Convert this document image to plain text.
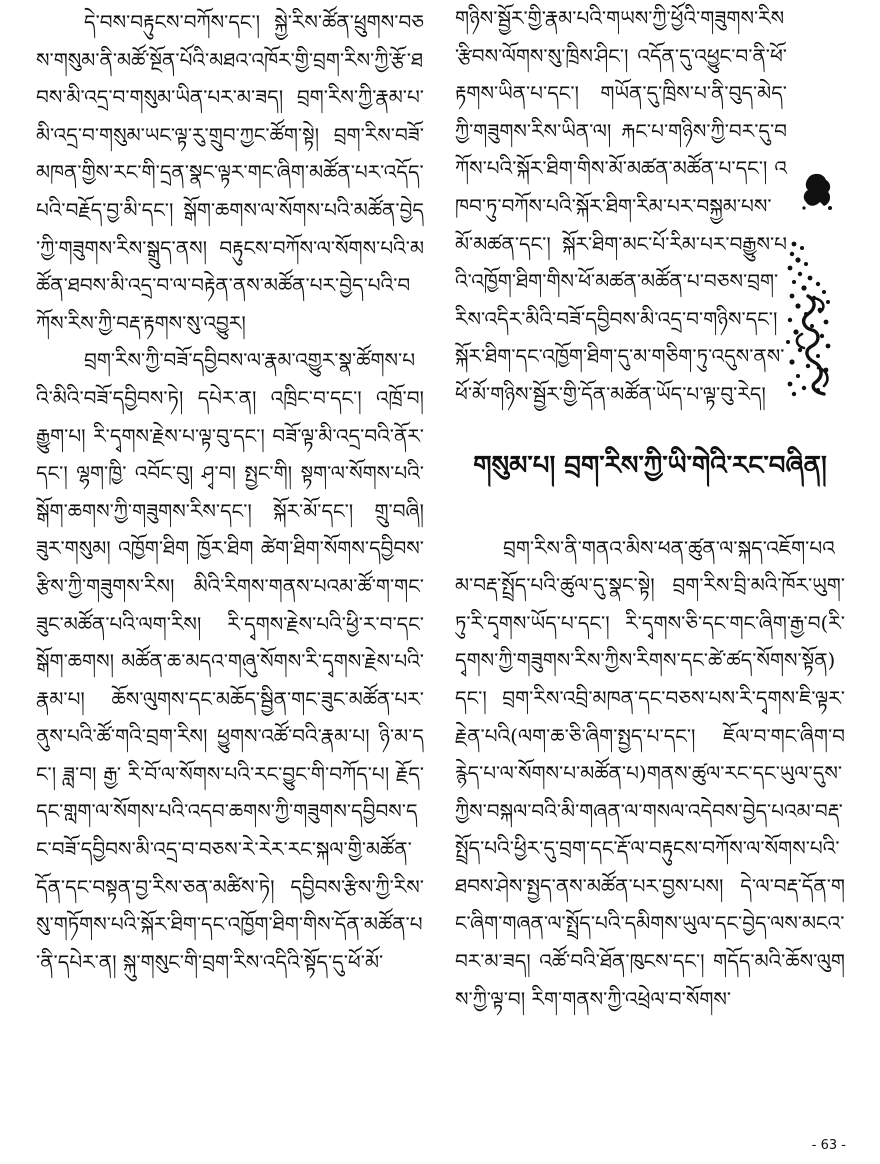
དེ་བས་བརྟུངས་བཀོས་དང་། སྐྱེ་རིས་ཚོན་ཕྲུགས་བཅས་གསུམ་ནི་མཚོ་སྔོན་པོའི་མཐའ་འཁོར་གྱི་བྲག་རིས་ཀྱི་རྩོ་ཐབས་མི་འདྲ་བ་གསུམ་ཡིན་པར་མ་ཟད། བྲག་རིས་ཀྱི་རྣམ་པ་མི་འདྲ་བ་གསུམ་ཡང་ལྟ་རུ་གྲུབ་ཀྱང་ཚོག་སྟེ། བྲག་རིས་བཟོ་མཁན་གྱིས་རང་གི་དྲན་སྣང་ལྟར་གང་ཞིག་མཚོན་པར་འདོད་པའི་བརྗོད་བྱ་མི་དང་། སྒོག་ཆགས་ལ་སོགས་པའི་མཚོན་བྱེད་ཀྱི་གཟུགས་རིས་སྒྲུད་ནས། བརྟུངས་བཀོས་ལ་སོགས་པའི་མཚོན་ཐབས་མི་འདྲ་བ་ལ་བརྟེན་ནས་མཚོན་པར་བྱེད་པའི་བཀོས་རིས་ཀྱི་བརྡ་རྟགས་སུ་འབྱུར།

བྲག་རིས་ཀྱི་བཟོ་དབྱིབས་ལ་རྣམ་འགྱུར་སྣ་ཚོགས་པའི་མིའི་བཟོ་དབྱིབས་ཏེ། དཔེར་ན། འཁྲིང་བ་དང་། འཁྲོ་བ། རྒྱུག་པ། རི་དྭགས་རྗེས་པ་ལྟ་བུ་དང་། བཟོ་ལྟ་མི་འདྲ་བའི་ནོར་དང་། ལྷག་ཁྱི་ འབོང་བུ། ཤྭ་བ། སྤྱང་གི། སྟག་ལ་སོགས་པའི་སྒོག་ཆགས་ཀྱི་གཟུགས་རིས་དང་། སྐོར་མོ་དང་། གྲུ་བཞི། ཟུར་གསུམ། འཁྱོག་ཐིག ཁྱོར་ཐིག ཚེག་ཐིག་སོགས་དབྱིབས་རྩིས་ཀྱི་གཟུགས་རིས། མིའི་རིགས་གནས་པའམ་ཚོ་ག་གང་ཟུང་མཚོན་པའི་ལག་རིས། རི་དྭགས་རྗེས་པའི་ཕྱི་ར་བ་དང་སྒོག་ཆགས། མཚོན་ཆ་མདའ་གཞུ་སོགས་རི་དྭགས་རྗེས་པའི་རྣམ་པ། ཆོས་ལུགས་དང་མཆོད་སྦྱིན་གང་ཟུང་མཚོན་པར་ནུས་པའི་ཚོ་གའི་བྲག་རིས། ཕྱུགས་འཚོ་བའི་རྣམ་པ། ཉི་མ་དང་། ཟླ་བ། རྒྱ་ རི་བོ་ལ་སོགས་པའི་རང་བྱུང་གི་བཀོད་པ། རྗོད་དང་གླག་ལ་སོགས་པའི་འདབ་ཆགས་ཀྱི་གཟུགས་དབྱིབས་དང་བཟོ་དབྱིབས་མི་འདྲ་བ་བཅས་རེ་རེར་རང་སྐལ་གྱི་མཚོན་དོན་དང་བསྟན་བྱ་རིས་ཅན་མཚིས་ཏེ། དབྱིབས་རྩིས་ཀྱི་རིས་སུ་གཏོགས་པའི་སྐོར་ཐིག་དང་འཁྱོག་ཐིག་གིས་དོན་མཚོན་པ་ནི་དཔེར་ན། སྐུ་གསུང་གི་བྲག་རིས་འདིའི་སྟོད་དུ་ཕོ་མོ་

གཉིས་སྦྱོར་གྱི་རྣམ་པའི་གཡས་ཀྱི་ཕྱོའི་གཟུགས་རིས་རྩིབས་ལོགས་སུ་ཁྲིས་ཤིང་། འདོན་དུ་འཕྱུང་བ་ནི་ཕོ་རྟགས་ཡིན་པ་དང་། གཡོན་དུ་ཁྲིས་པ་ནི་བུད་མེད་ཀྱི་གཟུགས་རིས་ཡིན་ལ། རྐང་པ་གཉིས་ཀྱི་བར་དུ་བཀོས་པའི་སྐོར་ཐིག་གིས་མོ་མཚན་མཚོན་པ་དང་། འཁབ་ཏུ་བཀོས་པའི་སྐོར་ཐིག་རིམ་པར་བསྐྱམ་པས་མོ་མཚན་དང་། སྐོར་ཐིག་མང་པོ་རིམ་པར་བརྒྱུས་པའི་འཁྱོག་ཐིག་གིས་ཕོ་མཚན་མཚོན་པ་བཅས་བྲག་རིས་འདིར་མིའི་བཟོ་དབྱིབས་མི་འདྲ་བ་གཉིས་དང་། སྐོར་ཐིག་དང་འཁྱོག་ཐིག་དུ་མ་གཅིག་ཏུ་འདུས་ནས་ཕོ་མོ་གཉིས་སྦྱོར་གྱི་དོན་མཚོན་ཡོད་པ་ལྟ་བུ་རེད།

གསུམ་པ། བྲག་རིས་ཀྱི་ཡི་གེའི་རང་བཞིན།

བྲག་རིས་ནི་གནའ་མིས་ཕན་ཚུན་ལ་སྐད་འཇོག་པའམ་བརྡ་སྤྲོད་པའི་ཚུལ་དུ་སྣང་སྟེ། བྲག་རིས་བྲི་མའི་ཁོར་ཡུག་ཏུ་རི་དྭགས་ཡོད་པ་དང་། རི་དྭགས་ཅི་དང་གང་ཞིག་རྒྱ་བ(རི་དྭགས་ཀྱི་གཟུགས་རིས་ཀྱིས་རིགས་དང་ཚེ་ཚད་སོགས་སྟོན)དང་། བྲག་རིས་འབྲི་མཁན་དང་བཅས་པས་རི་དྭགས་ཇི་ལྟར་རྗེན་པའི(ལག་ཆ་ཅི་ཞིག་སྤྱད་པ་དང་། ཇོལ་བ་གང་ཞིག་བརྙེད་པ་ལ་སོགས་པ་མཚོན་པ)གནས་ཚུལ་རང་དང་ཡུལ་དུས་ཀྱིས་བསྐལ་བའི་མི་གཞན་ལ་གསལ་འདེབས་བྱེད་པའམ་བརྡ་སྤྲོད་པའི་ཕྱིར་དུ་བྲག་དང་རྡོ་ལ་བརྟུངས་བཀོས་ལ་སོགས་པའི་ཐབས་ཤེས་སྤྱད་ནས་མཚོན་པར་བྱས་པས། དེ་ལ་བརྡ་དོན་གང་ཞིག་གཞན་ལ་སྤྲོད་པའི་དམིགས་ཡུལ་དང་བྱེད་ལས་མངའ་བར་མ་ཟད། འཚོ་བའི་ཐོན་ཁུངས་དང་། གདོད་མའི་ཆོས་ལུགས་ཀྱི་ལྟ་བ། རིག་གནས་ཀྱི་འཕྲེལ་བ་སོགས་

- 63 -
